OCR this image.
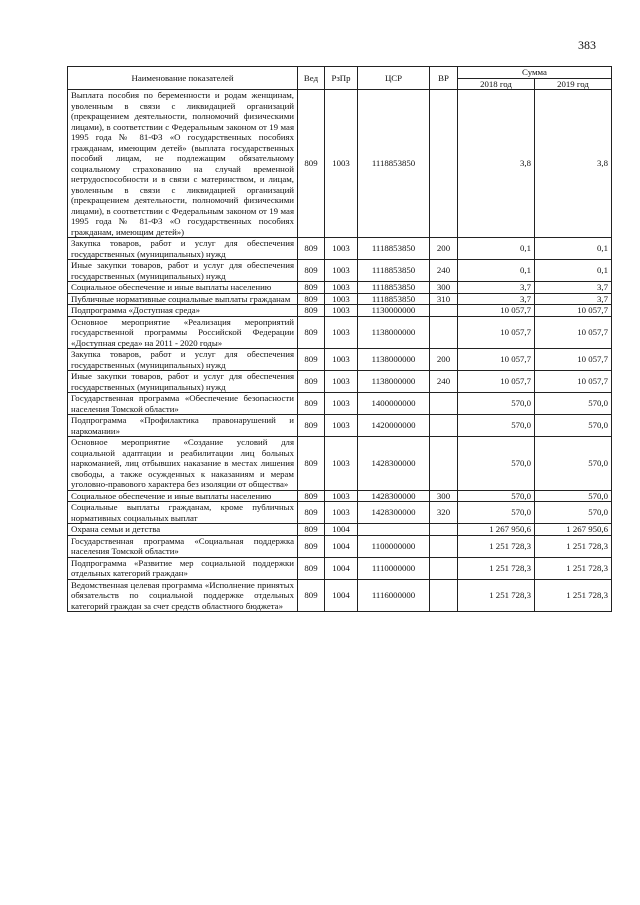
383
Наименование показателей	Вед	РзПр	ЦСР	ВР	Сумма	
					2018 год	2019 год
Выплата пособия по беременности и родам женщинам, уволенным в связи с ликвидацией организаций (прекращением деятельности, полномочий физическими лицами), в соответствии с Федеральным законом от 19 мая 1995 года № 81-ФЗ «О государственных пособиях гражданам, имеющим детей» (выплата государственных пособий лицам, не подлежащим обязательному социальному страхованию на случай временной нетрудоспособности и в связи с материнством, и лицам, уволенным в связи с ликвидацией организаций (прекращением деятельности, полномочий физическими лицами), в соответствии с Федеральным законом от 19 мая 1995 года № 81-ФЗ «О государственных пособиях гражданам, имеющим детей»)	809	1003	1118853850		3,8	3,8
Закупка товаров, работ и услуг для обеспечения государственных (муниципальных) нужд	809	1003	1118853850	200	0,1	0,1
Иные закупки товаров, работ и услуг для обеспечения государственных (муниципальных) нужд	809	1003	1118853850	240	0,1	0,1
Социальное обеспечение и иные выплаты населению	809	1003	1118853850	300	3,7	3,7
Публичные нормативные социальные выплаты гражданам	809	1003	1118853850	310	3,7	3,7
Подпрограмма «Доступная среда»	809	1003	1130000000		10 057,7	10 057,7
Основное мероприятие «Реализация мероприятий государственной программы Российской Федерации «Доступная среда» на 2011 - 2020 годы»	809	1003	1138000000		10 057,7	10 057,7
Закупка товаров, работ и услуг для обеспечения государственных (муниципальных) нужд	809	1003	1138000000	200	10 057,7	10 057,7
Иные закупки товаров, работ и услуг для обеспечения государственных (муниципальных) нужд	809	1003	1138000000	240	10 057,7	10 057,7
Государственная программа «Обеспечение безопасности населения Томской области»	809	1003	1400000000		570,0	570,0
Подпрограмма «Профилактика правонарушений и наркомании»	809	1003	1420000000		570,0	570,0
Основное мероприятие «Создание условий для социальной адаптации и реабилитации лиц больных наркоманией, лиц отбывших наказание в местах лишения свободы, а также осужденных к наказаниям и мерам уголовно-правового характера без изоляции от общества»	809	1003	1428300000		570,0	570,0
Социальное обеспечение и иные выплаты населению	809	1003	1428300000	300	570,0	570,0
Социальные выплаты гражданам, кроме публичных нормативных социальных выплат	809	1003	1428300000	320	570,0	570,0
Охрана семьи и детства	809	1004			1 267 950,6	1 267 950,6
Государственная программа «Социальная поддержка населения Томской области»	809	1004	1100000000		1 251 728,3	1 251 728,3
Подпрограмма «Развитие мер социальной поддержки отдельных категорий граждан»	809	1004	1110000000		1 251 728,3	1 251 728,3
Ведомственная целевая программа «Исполнение принятых обязательств по социальной поддержке отдельных категорий граждан за счет средств областного бюджета»	809	1004	1116000000		1 251 728,3	1 251 728,3
